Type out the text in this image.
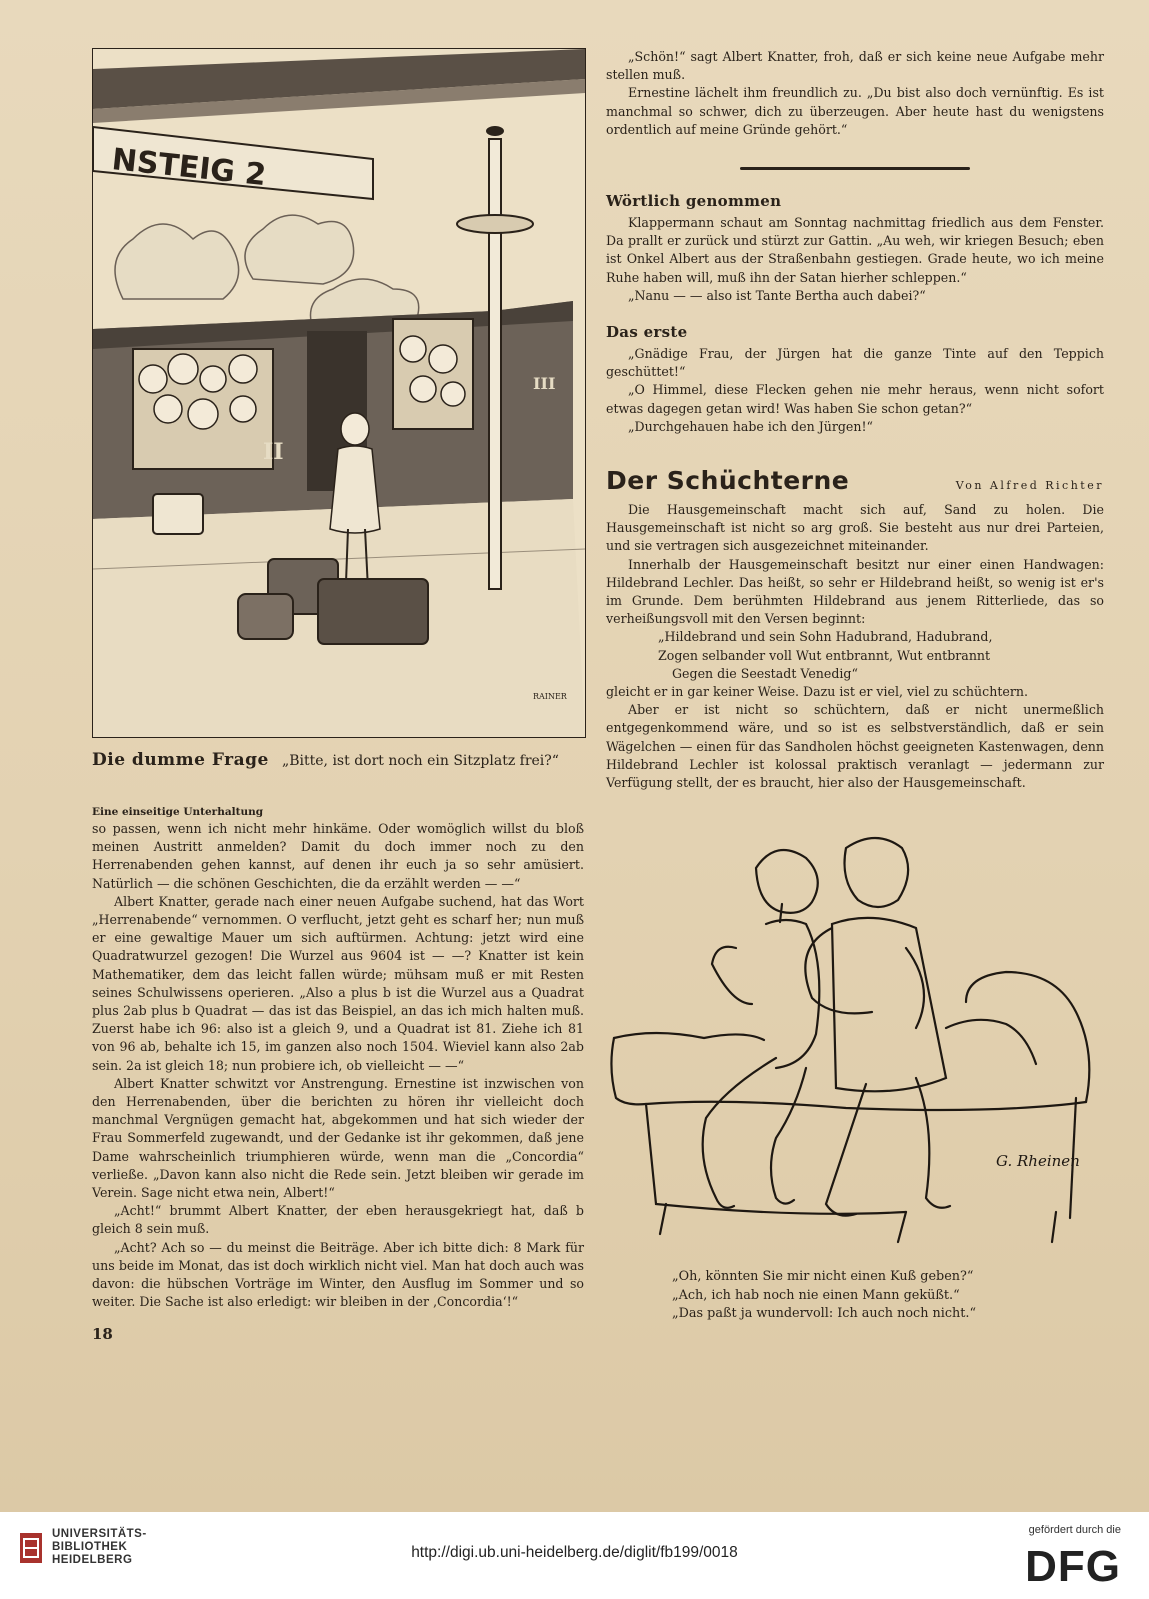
NSTEIG 2
II
III
RAINER
Die dumme Frage „Bitte, ist dort noch ein Sitzplatz frei?“
Eine einseitige Unterhaltung

so passen, wenn ich nicht mehr hinkäme. Oder womöglich willst du bloß meinen Austritt anmelden? Damit du doch immer noch zu den Herrenabenden gehen kannst, auf denen ihr euch ja so sehr amüsiert. Natürlich — die schönen Geschichten, die da erzählt werden — —“

Albert Knatter, gerade nach einer neuen Aufgabe suchend, hat das Wort „Herrenabende“ vernommen. O verflucht, jetzt geht es scharf her; nun muß er eine gewaltige Mauer um sich auftürmen. Achtung: jetzt wird eine Quadratwurzel gezogen! Die Wurzel aus 9604 ist — —? Knatter ist kein Mathematiker, dem das leicht fallen würde; mühsam muß er mit Resten seines Schulwissens operieren. „Also a plus b ist die Wurzel aus a Quadrat plus 2ab plus b Quadrat — das ist das Beispiel, an das ich mich halten muß. Zuerst habe ich 96: also ist a gleich 9, und a Quadrat ist 81. Ziehe ich 81 von 96 ab, behalte ich 15, im ganzen also noch 1504. Wieviel kann also 2ab sein. 2a ist gleich 18; nun probiere ich, ob vielleicht — —“

Albert Knatter schwitzt vor Anstrengung. Ernestine ist inzwischen von den Herrenabenden, über die berichten zu hören ihr vielleicht doch manchmal Vergnügen gemacht hat, abgekommen und hat sich wieder der Frau Sommerfeld zugewandt, und der Gedanke ist ihr gekommen, daß jene Dame wahrscheinlich triumphieren würde, wenn man die „Concordia“ verließe. „Davon kann also nicht die Rede sein. Jetzt bleiben wir gerade im Verein. Sage nicht etwa nein, Albert!“

„Acht!“ brummt Albert Knatter, der eben herausgekriegt hat, daß b gleich 8 sein muß.

„Acht? Ach so — du meinst die Beiträge. Aber ich bitte dich: 8 Mark für uns beide im Monat, das ist doch wirklich nicht viel. Man hat doch auch was davon: die hübschen Vorträge im Winter, den Ausflug im Sommer und so weiter. Die Sache ist also erledigt: wir bleiben in der ‚Concordia‘!“

18

„Schön!“ sagt Albert Knatter, froh, daß er sich keine neue Aufgabe mehr stellen muß.

Ernestine lächelt ihm freundlich zu. „Du bist also doch vernünftig. Es ist manchmal so schwer, dich zu überzeugen. Aber heute hast du wenigstens ordentlich auf meine Gründe gehört.“

Wörtlich genommen

Klappermann schaut am Sonntag nachmittag friedlich aus dem Fenster. Da prallt er zurück und stürzt zur Gattin. „Au weh, wir kriegen Besuch; eben ist Onkel Albert aus der Straßenbahn gestiegen. Grade heute, wo ich meine Ruhe haben will, muß ihn der Satan hierher schleppen.“

„Nanu — — also ist Tante Bertha auch dabei?“

Das erste

„Gnädige Frau, der Jürgen hat die ganze Tinte auf den Teppich geschüttet!“

„O Himmel, diese Flecken gehen nie mehr heraus, wenn nicht sofort etwas dagegen getan wird! Was haben Sie schon getan?“

„Durchgehauen habe ich den Jürgen!“

Der Schüchterne	Von Alfred Richter

Die Hausgemeinschaft macht sich auf, Sand zu holen. Die Hausgemeinschaft ist nicht so arg groß. Sie besteht aus nur drei Parteien, und sie vertragen sich ausgezeichnet miteinander.

Innerhalb der Hausgemeinschaft besitzt nur einer einen Handwagen: Hildebrand Lechler. Das heißt, so sehr er Hildebrand heißt, so wenig ist er's im Grunde. Dem berühmten Hildebrand aus jenem Ritterliede, das so verheißungsvoll mit den Versen beginnt:

„Hildebrand und sein Sohn Hadubrand, Hadubrand,
Zogen selbander voll Wut entbrannt, Wut entbrannt
Gegen die Seestadt Venedig“

gleicht er in gar keiner Weise. Dazu ist er viel, viel zu schüchtern.

Aber er ist nicht so schüchtern, daß er nicht unermeßlich entgegenkommend wäre, und so ist es selbstverständlich, daß er sein Wägelchen — einen für das Sandholen höchst geeigneten Kastenwagen, denn Hildebrand Lechler ist kolossal praktisch veranlagt — jedermann zur Verfügung stellt, der es braucht, hier also der Hausgemeinschaft.

G. Rheinen
„Oh, könnten Sie mir nicht einen Kuß geben?“
„Ach, ich hab noch nie einen Mann geküßt.“
„Das paßt ja wundervoll: Ich auch noch nicht.“
UNIVERSITÄTS-
BIBLIOTHEK
HEIDELBERG	http://digi.ub.uni-heidelberg.de/diglit/fb199/0018
gefördert durch die
DFG
